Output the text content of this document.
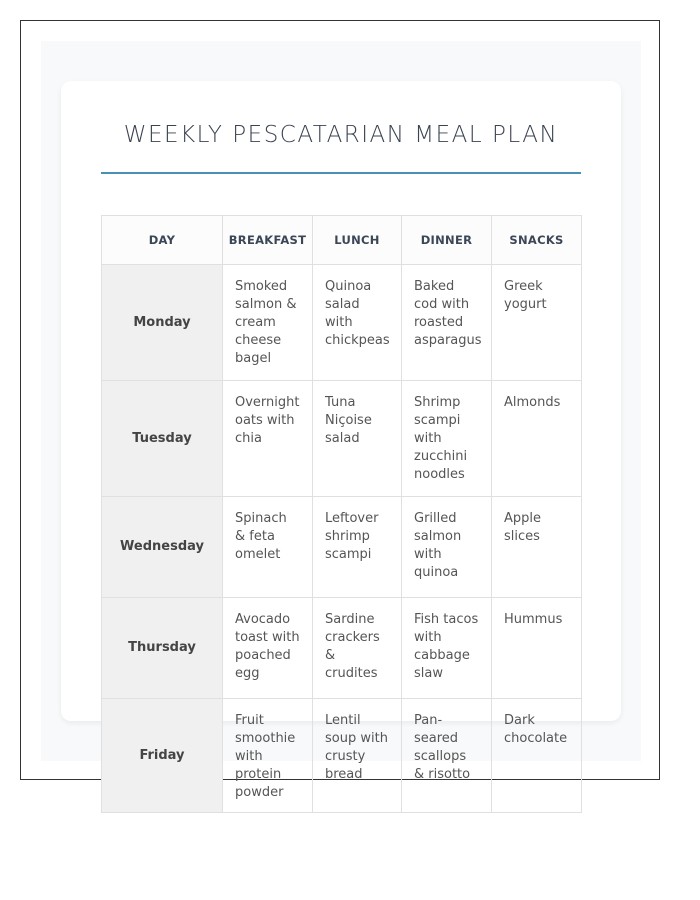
WEEKLY PESCATARIAN MEAL PLAN
DAY	BREAKFAST	LUNCH	DINNER	SNACKS
Monday	Smoked salmon & cream cheese bagel	Quinoa salad with chickpeas	Baked cod with roasted asparagus	Greek yogurt
Tuesday	Overnight oats with chia	Tuna Niçoise salad	Shrimp scampi with zucchini noodles	Almonds
Wednesday	Spinach & feta omelet	Leftover shrimp scampi	Grilled salmon with quinoa	Apple slices
Thursday	Avocado toast with poached egg	Sardine crackers & crudites	Fish tacos with cabbage slaw	Hummus
Friday	Fruit smoothie with protein powder	Lentil soup with crusty bread	Pan-seared scallops & risotto	Dark chocolate
